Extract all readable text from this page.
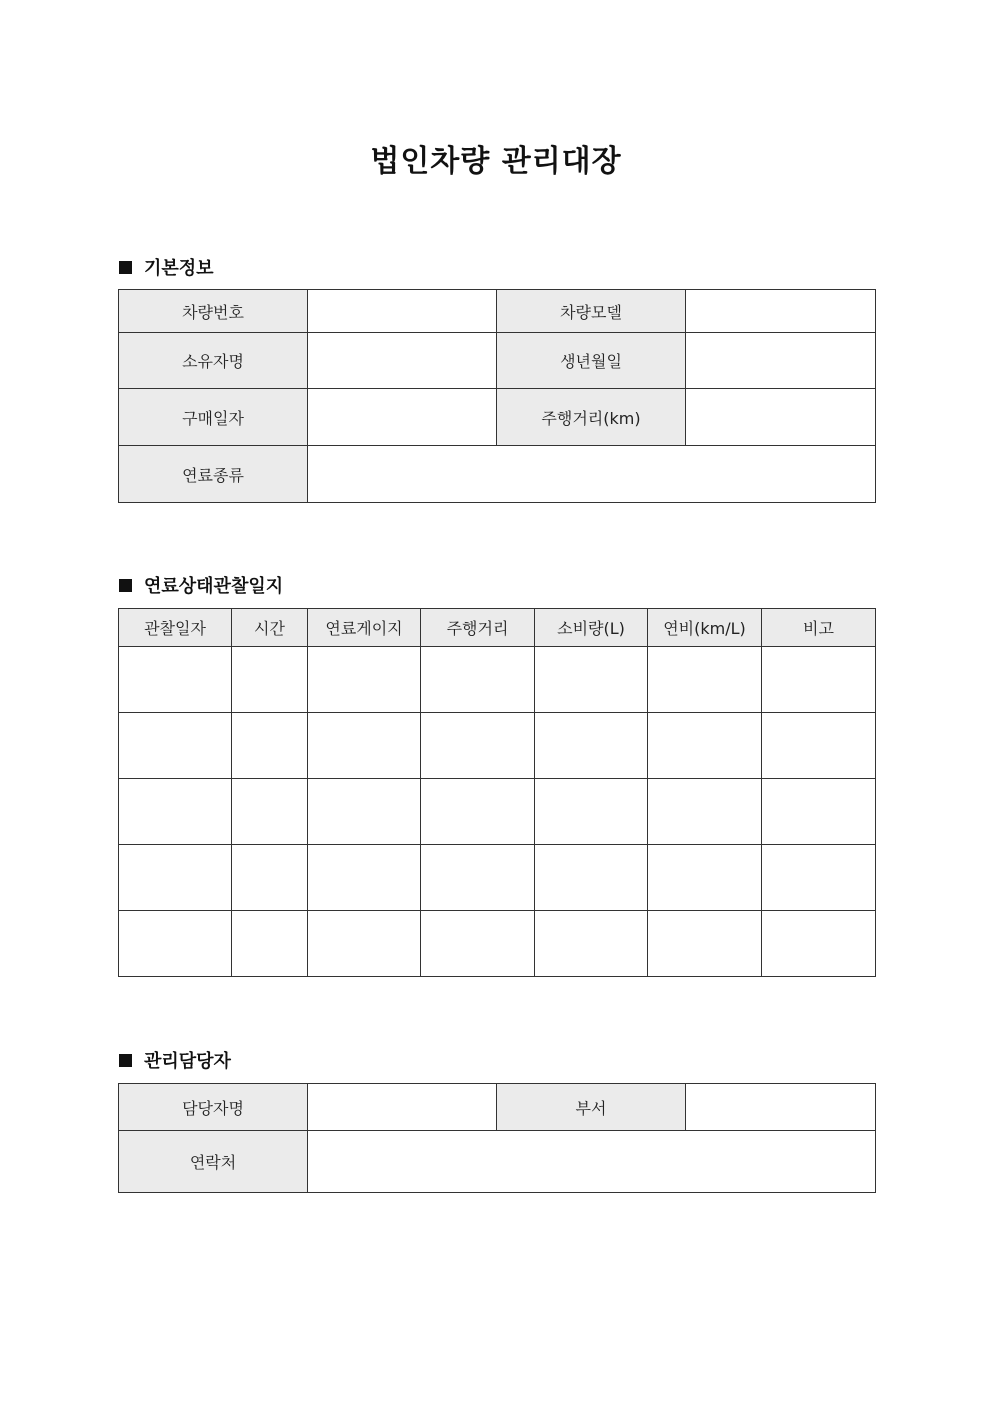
법인차량 관리대장
기본정보
차량번호		차량모델	
소유자명		생년월일	
구매일자		주행거리(km)	
연료종류			
연료상태관찰일지
관찰일자	시간	연료게이지	주행거리	소비량(L)	연비(km/L)	비고

관리담당자
담당자명		부서	
연락처			
